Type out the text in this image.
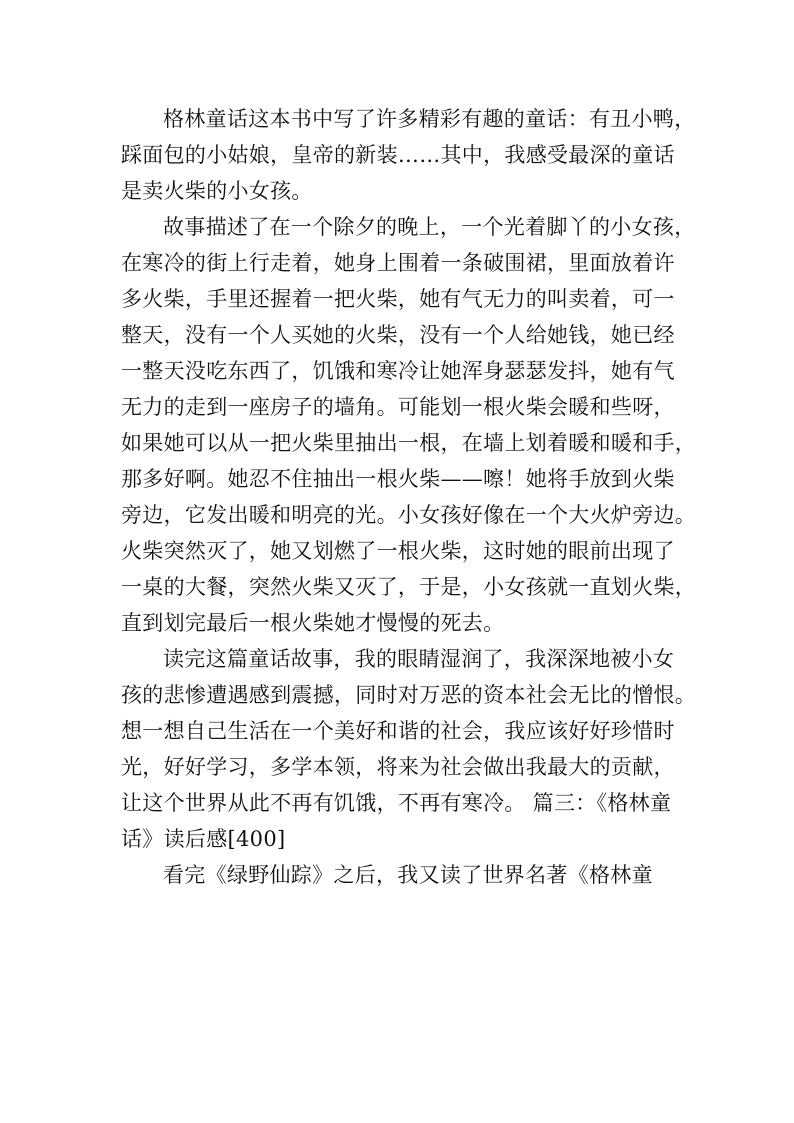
格林童话这本书中写了许多精彩有趣的童话：有丑小鸭，
踩面包的小姑娘，皇帝的新装……其中，我感受最深的童话
是卖火柴的小女孩。
故事描述了在一个除夕的晚上，一个光着脚丫的小女孩，
在寒冷的街上行走着，她身上围着一条破围裙，里面放着许
多火柴，手里还握着一把火柴，她有气无力的叫卖着，可一
整天，没有一个人买她的火柴，没有一个人给她钱，她已经
一整天没吃东西了，饥饿和寒冷让她浑身瑟瑟发抖，她有气
无力的走到一座房子的墙角。可能划一根火柴会暖和些呀，
如果她可以从一把火柴里抽出一根，在墙上划着暖和暖和手，
那多好啊。她忍不住抽出一根火柴——嚓！她将手放到火柴
旁边，它发出暖和明亮的光。小女孩好像在一个大火炉旁边。
火柴突然灭了，她又划燃了一根火柴，这时她的眼前出现了
一桌的大餐，突然火柴又灭了，于是，小女孩就一直划火柴，
直到划完最后一根火柴她才慢慢的死去。
读完这篇童话故事，我的眼睛湿润了，我深深地被小女
孩的悲惨遭遇感到震撼，同时对万恶的资本社会无比的憎恨。
想一想自己生活在一个美好和谐的社会，我应该好好珍惜时
光，好好学习，多学本领，将来为社会做出我最大的贡献，
让这个世界从此不再有饥饿，不再有寒冷。 篇三：《格林童
话》读后感[400]
看完《绿野仙踪》之后，我又读了世界名著《格林童
